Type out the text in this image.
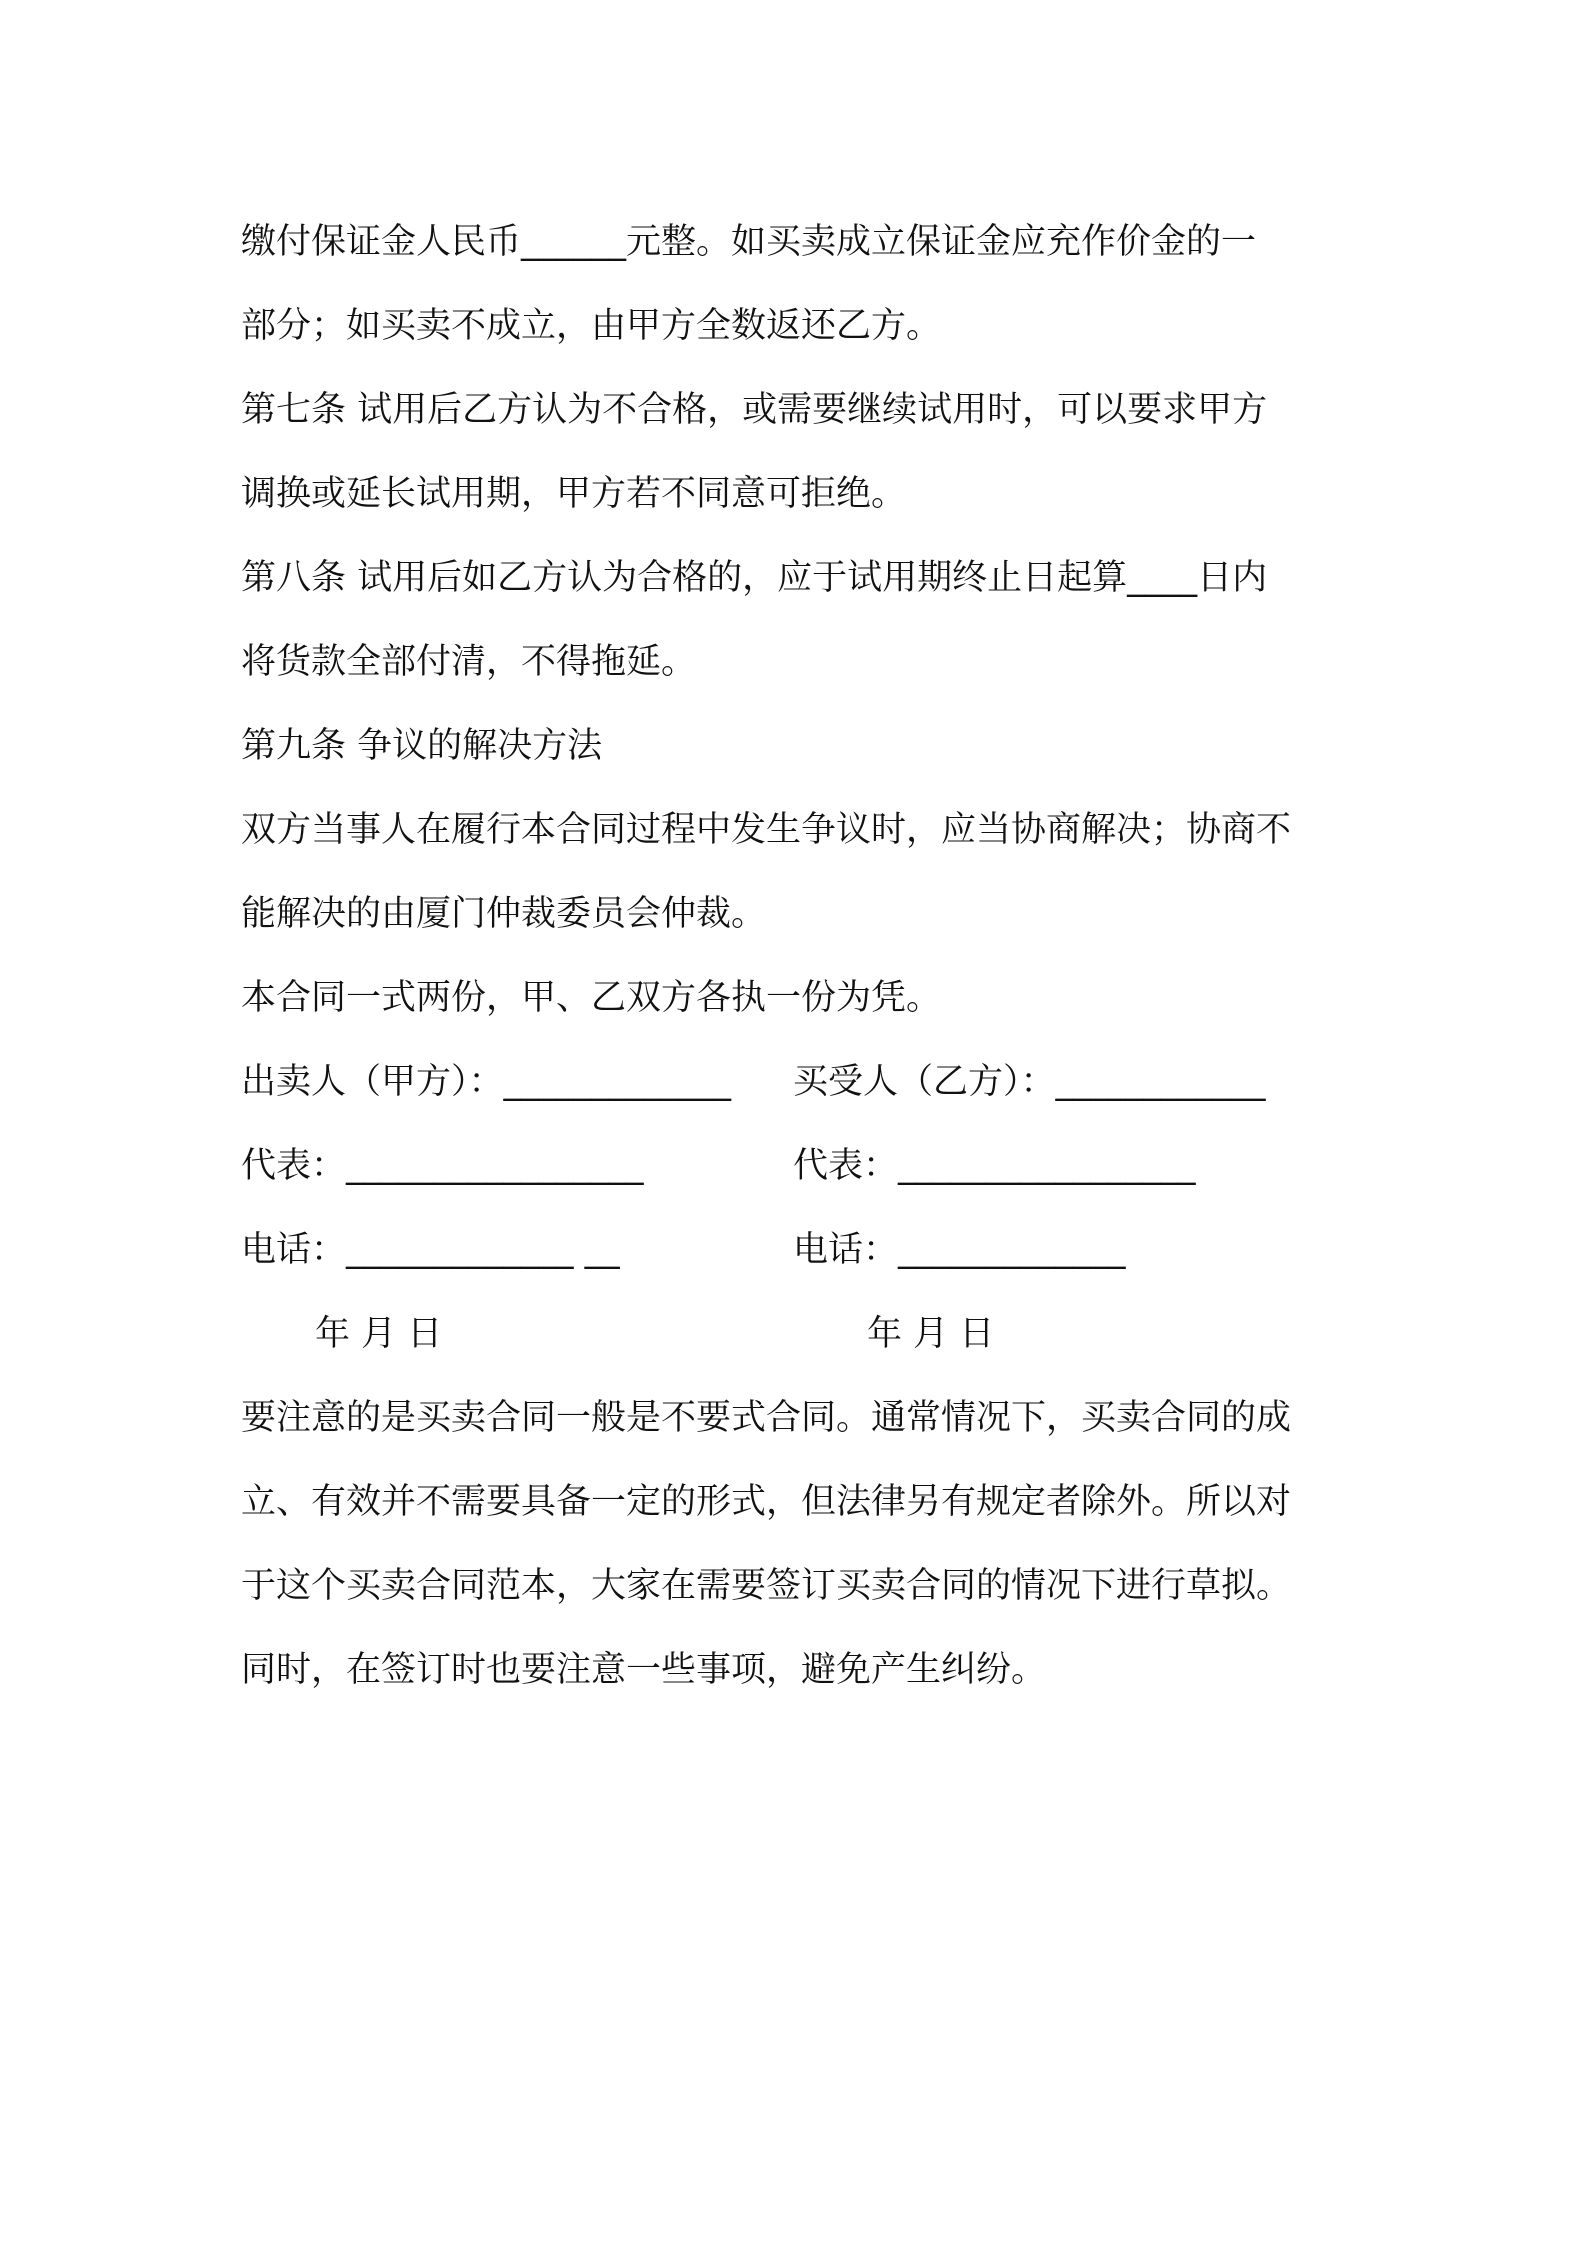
缴付保证金人民币______元整。如买卖成立保证金应充作价金的一
部分；如买卖不成立，由甲方全数返还乙方。
第七条 试用后乙方认为不合格，或需要继续试用时，可以要求甲方
调换或延长试用期，甲方若不同意可拒绝。
第八条 试用后如乙方认为合格的，应于试用期终止日起算____日内
将货款全部付清，不得拖延。
第九条 争议的解决方法
双方当事人在履行本合同过程中发生争议时，应当协商解决；协商不
能解决的由厦门仲裁委员会仲裁。
本合同一式两份，甲、乙双方各执一份为凭。
出卖人（甲方）：_____________	买受人（乙方）：____________
代表：_________________	代表：_________________
电话：_____________ __	电话：_____________
年 月 日	年 月 日
要注意的是买卖合同一般是不要式合同。通常情况下，买卖合同的成
立、有效并不需要具备一定的形式，但法律另有规定者除外。所以对
于这个买卖合同范本，大家在需要签订买卖合同的情况下进行草拟。
同时，在签订时也要注意一些事项，避免产生纠纷。
